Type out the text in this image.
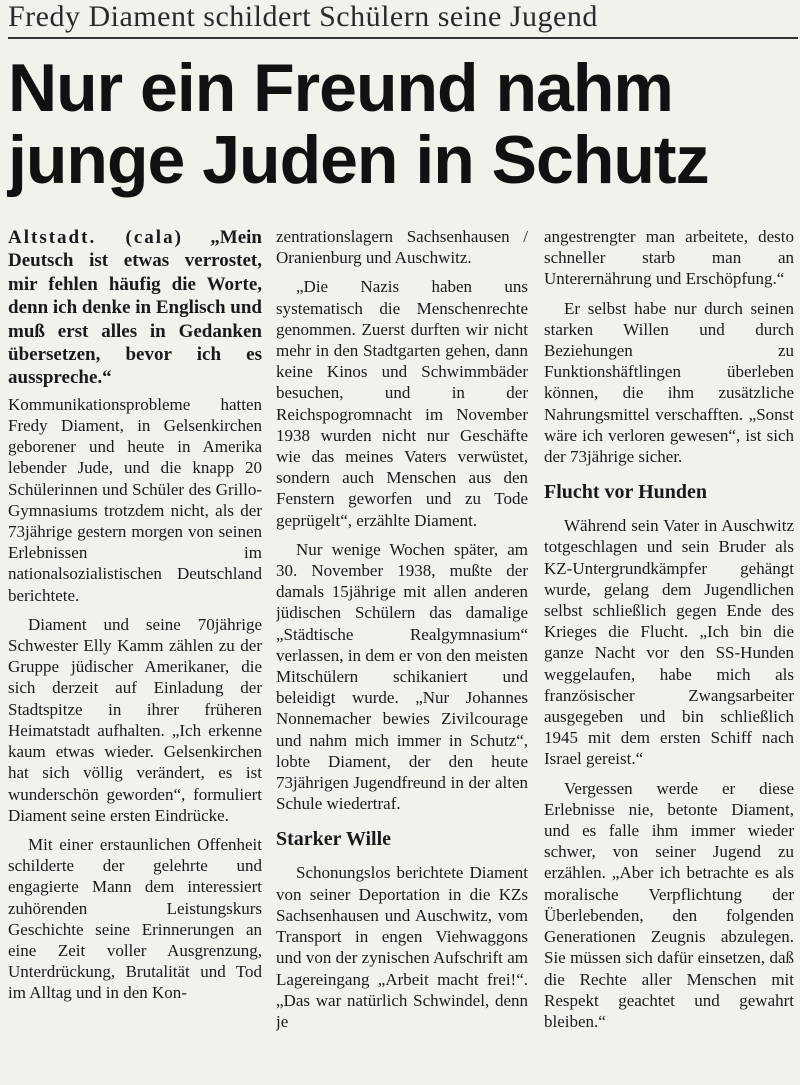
Fredy Diament schildert Schülern seine Jugend
Nur ein Freund nahm
junge Juden in Schutz

Altstadt. (cala) „Mein Deutsch ist etwas verrostet, mir fehlen häufig die Worte, denn ich denke in Englisch und muß erst alles in Gedanken übersetzen, bevor ich es ausspreche.“

Kommunikationsprobleme hatten Fredy Diament, in Gelsenkirchen geborener und heute in Amerika lebender Jude, und die knapp 20 Schülerinnen und Schüler des Grillo-Gymnasiums trotzdem nicht, als der 73jährige gestern morgen von seinen Erlebnissen im nationalsozialistischen Deutschland berichtete.

Diament und seine 70jährige Schwester Elly Kamm zählen zu der Gruppe jüdischer Amerikaner, die sich derzeit auf Einladung der Stadtspitze in ihrer früheren Heimatstadt aufhalten. „Ich erkenne kaum etwas wieder. Gelsenkirchen hat sich völlig verändert, es ist wunderschön geworden“, formuliert Diament seine ersten Eindrücke.

Mit einer erstaunlichen Offenheit schilderte der gelehrte und engagierte Mann dem interessiert zuhörenden Leistungskurs Geschichte seine Erinnerungen an eine Zeit voller Ausgrenzung, Unterdrückung, Brutalität und Tod im Alltag und in den Kon-

zentrationslagern Sachsenhausen / Oranienburg und Auschwitz.

„Die Nazis haben uns systematisch die Menschenrechte genommen. Zuerst durften wir nicht mehr in den Stadtgarten gehen, dann keine Kinos und Schwimmbäder besuchen, und in der Reichspogromnacht im November 1938 wurden nicht nur Geschäfte wie das meines Vaters verwüstet, sondern auch Menschen aus den Fenstern geworfen und zu Tode geprügelt“, erzählte Diament.

Nur wenige Wochen später, am 30. November 1938, mußte der damals 15jährige mit allen anderen jüdischen Schülern das damalige „Städtische Realgymnasium“ verlassen, in dem er von den meisten Mitschülern schikaniert und beleidigt wurde. „Nur Johannes Nonnemacher bewies Zivilcourage und nahm mich immer in Schutz“, lobte Diament, der den heute 73jährigen Jugendfreund in der alten Schule wiedertraf.

Starker Wille

Schonungslos berichtete Diament von seiner Deportation in die KZs Sachsenhausen und Auschwitz, vom Transport in engen Viehwaggons und von der zynischen Aufschrift am Lagereingang „Arbeit macht frei!“. „Das war natürlich Schwindel, denn je

angestrengter man arbeitete, desto schneller starb man an Unterernährung und Erschöpfung.“

Er selbst habe nur durch seinen starken Willen und durch Beziehungen zu Funktionshäftlingen überleben können, die ihm zusätzliche Nahrungsmittel verschafften. „Sonst wäre ich verloren gewesen“, ist sich der 73jährige sicher.

Flucht vor Hunden

Während sein Vater in Auschwitz totgeschlagen und sein Bruder als KZ-Untergrundkämpfer gehängt wurde, gelang dem Jugendlichen selbst schließlich gegen Ende des Krieges die Flucht. „Ich bin die ganze Nacht vor den SS-Hunden weggelaufen, habe mich als französischer Zwangsarbeiter ausgegeben und bin schließlich 1945 mit dem ersten Schiff nach Israel gereist.“

Vergessen werde er diese Erlebnisse nie, betonte Diament, und es falle ihm immer wieder schwer, von seiner Jugend zu erzählen. „Aber ich betrachte es als moralische Verpflichtung der Überlebenden, den folgenden Generationen Zeugnis abzulegen. Sie müssen sich dafür einsetzen, daß die Rechte aller Menschen mit Respekt geachtet und gewahrt bleiben.“
